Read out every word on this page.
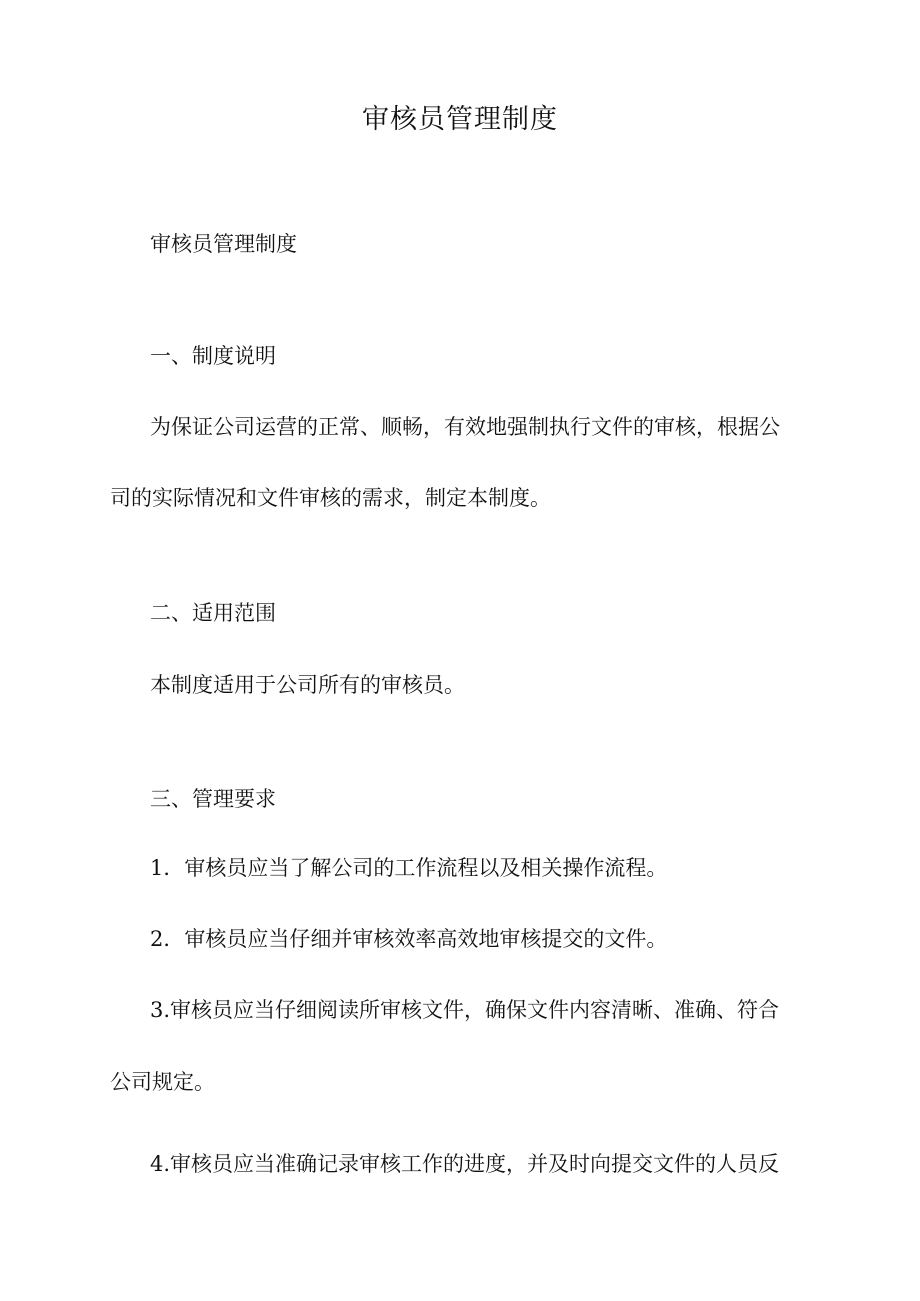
审核员管理制度
审核员管理制度
一、制度说明
为保证公司运营的正常、顺畅，有效地强制执行文件的审核，根据公
司的实际情况和文件审核的需求，制定本制度。
二、适用范围
本制度适用于公司所有的审核员。
三、管理要求
1．审核员应当了解公司的工作流程以及相关操作流程。
2．审核员应当仔细并审核效率高效地审核提交的文件。
3.审核员应当仔细阅读所审核文件，确保文件内容清晰、准确、符合
公司规定。
4.审核员应当准确记录审核工作的进度，并及时向提交文件的人员反
